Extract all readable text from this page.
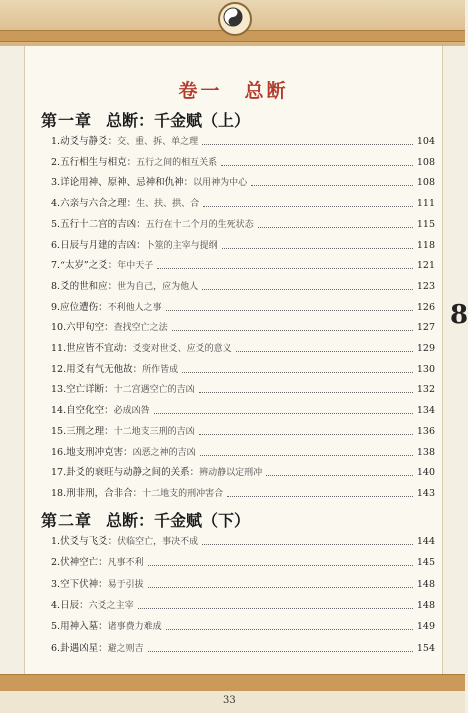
卷一　总断
第一章 总断：千金赋（上）
1.动爻与静爻： 交、重、拆、单之理	104
2.五行相生与相克： 五行之间的相互关系	108
3.详论用神、原神、忌神和仇神： 以用神为中心	108
4.六亲与六合之理： 生、扶、拱、合	111
5.五行十二宫的吉凶： 五行在十二个月的生死状态	115
6.日辰与月建的吉凶： 卜筮的主宰与提纲	118
7.“太岁”之爻： 年中天子	121
8.爻的世和应： 世为自己，应为他人	123
9.应位遭伤： 不利他人之事	126
10.六甲旬空： 查找空亡之法	127
11.世应皆不宜动： 爻变对世爻、应爻的意义	129
12.用爻有气无他故： 所作皆成	130
13.空亡详断： 十二宫遇空亡的吉凶	132
14.自空化空： 必成凶咎	134
15.三刑之理： 十二地支三刑的吉凶	136
16.地支刑冲克害： 凶恶之神的吉凶	138
17.卦爻的衰旺与动静之间的关系： 辨动静以定刑冲	140
18.刑非刑，合非合： 十二地支的刑冲害合	143
第二章 总断：千金赋（下）
1.伏爻与飞爻： 伏临空亡，事决不成	144
2.伏神空亡： 凡事不利	145
3.空下伏神： 易于引拔	148
4.日辰： 六爻之主宰	148
5.用神入墓： 诸事费力难成	149
6.卦遇凶星： 避之则吉	154
8
33
